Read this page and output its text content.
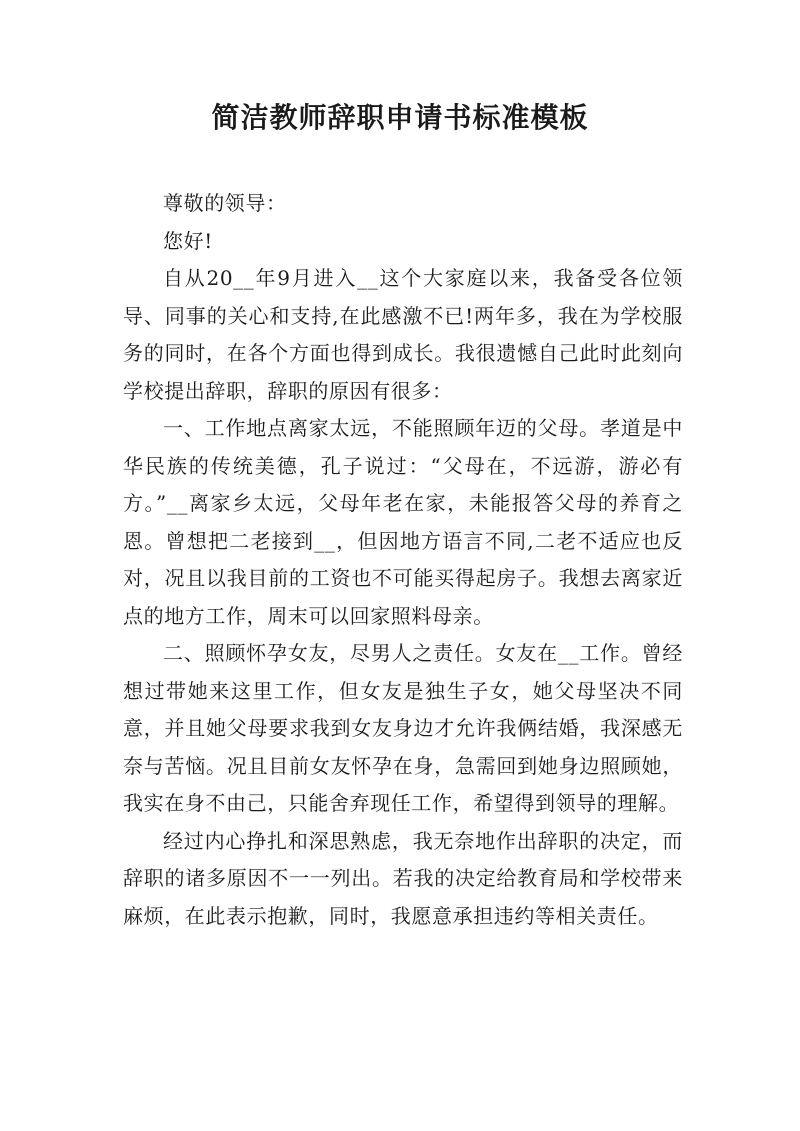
简洁教师辞职申请书标准模板

尊敬的领导：

您好!

自从20__年9月进入__这个大家庭以来，我备受各位领导、同事的关心和支持,在此感激不已!两年多，我在为学校服务的同时，在各个方面也得到成长。我很遗憾自己此时此刻向学校提出辞职，辞职的原因有很多：

一、工作地点离家太远，不能照顾年迈的父母。孝道是中华民族的传统美德，孔子说过：“父母在，不远游，游必有方。”__离家乡太远，父母年老在家，未能报答父母的养育之恩。曾想把二老接到__，但因地方语言不同,二老不适应也反对，况且以我目前的工资也不可能买得起房子。我想去离家近点的地方工作，周末可以回家照料母亲。

二、照顾怀孕女友，尽男人之责任。女友在__工作。曾经想过带她来这里工作，但女友是独生子女，她父母坚决不同意，并且她父母要求我到女友身边才允许我俩结婚，我深感无奈与苦恼。况且目前女友怀孕在身，急需回到她身边照顾她，我实在身不由己，只能舍弃现任工作，希望得到领导的理解。

经过内心挣扎和深思熟虑，我无奈地作出辞职的决定，而辞职的诸多原因不一一列出。若我的决定给教育局和学校带来麻烦，在此表示抱歉，同时，我愿意承担违约等相关责任。
